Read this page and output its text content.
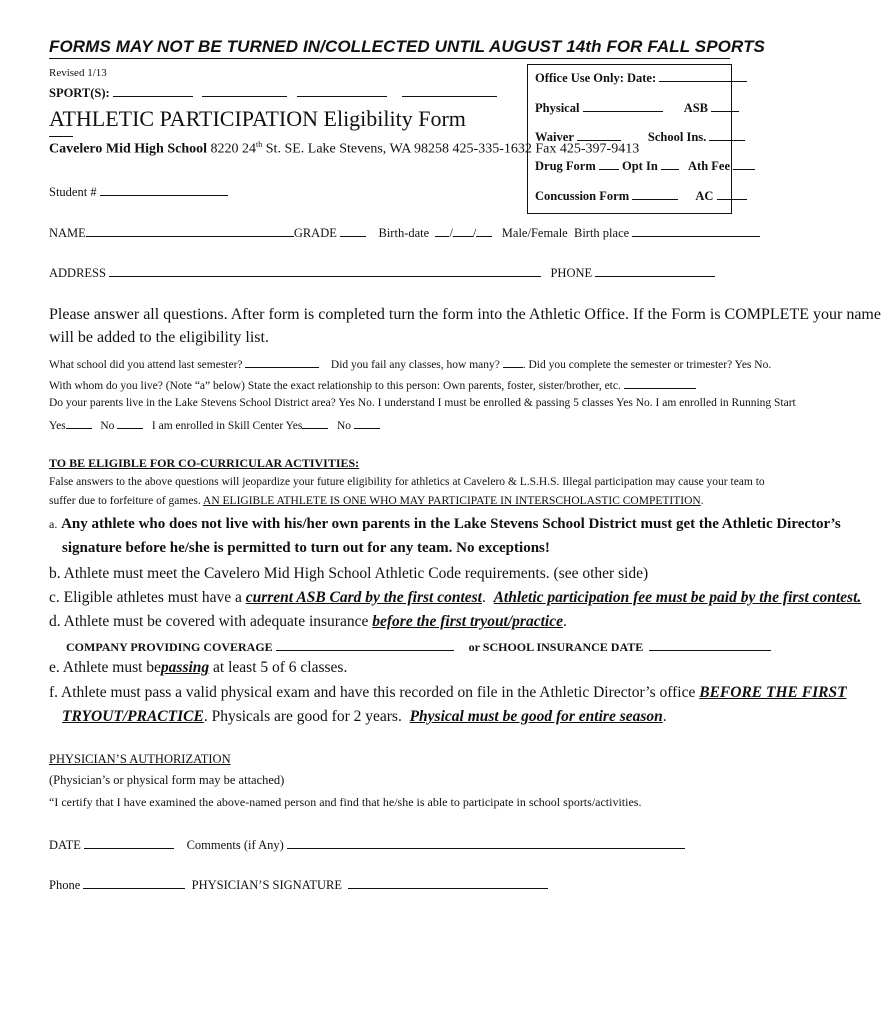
FORMS MAY NOT BE TURNED IN/COLLECTED UNTIL AUGUST 14th FOR FALL SPORTS
Revised 1/13
SPORT(S):
ATHLETIC PARTICIPATION Eligibility Form
Cavelero Mid High School 8220 24th St. SE. Lake Stevens, WA 98258 425-335-1632 Fax 425-397-9413
Student #
Office Use Only: Date:
Physical	ASB
Waiver	School Ins.
Drug Form Opt In Ath Fee
Concussion Form	AC
NAME	GRADE	Birth-date / / Male/Female Birth place
ADDRESS	PHONE
Please answer all questions. After form is completed turn the form into the Athletic Office. If the Form is COMPLETE your name
will be added to the eligibility list.
What school did you attend last semester?	Did you fail any classes, how many? . Did you complete the semester or trimester? Yes No.
With whom do you live? (Note “a” below) State the exact relationship to this person: Own parents, foster, sister/brother, etc.
Do your parents live in the Lake Stevens School District area? Yes No. I understand I must be enrolled & passing 5 classes Yes No. I am enrolled in Running Start
Yes	No	I am enrolled in Skill Center Yes	No
TO BE ELIGIBLE FOR CO-CURRICULAR ACTIVITIES:
False answers to the above questions will jeopardize your future eligibility for athletics at Cavelero & L.S.H.S. Illegal participation may cause your team to
suffer due to forfeiture of games. AN ELIGIBLE ATHLETE IS ONE WHO MAY PARTICIPATE IN INTERSCHOLASTIC COMPETITION.
a. Any athlete who does not live with his/her own parents in the Lake Stevens School District must get the Athletic Director’s
signature before he/she is permitted to turn out for any team. No exceptions!
b. Athlete must meet the Cavelero Mid High School Athletic Code requirements. (see other side)
c. Eligible athletes must have a current ASB Card by the first contest.  Athletic participation fee must be paid by the first contest.
d. Athlete must be covered with adequate insurance before the first tryout/practice.
COMPANY PROVIDING COVERAGE	or SCHOOL INSURANCE DATE
e. Athlete must bepassing at least 5 of 6 classes.
f. Athlete must pass a valid physical exam and have this recorded on file in the Athletic Director’s office BEFORE THE FIRST
TRYOUT/PRACTICE. Physicals are good for 2 years. Physical must be good for entire season.
PHYSICIAN’S AUTHORIZATION
(Physician’s or physical form may be attached)
“I certify that I have examined the above-named person and find that he/she is able to participate in school sports/activities.
DATE	Comments (if Any)
Phone	PHYSICIAN’S SIGNATURE
